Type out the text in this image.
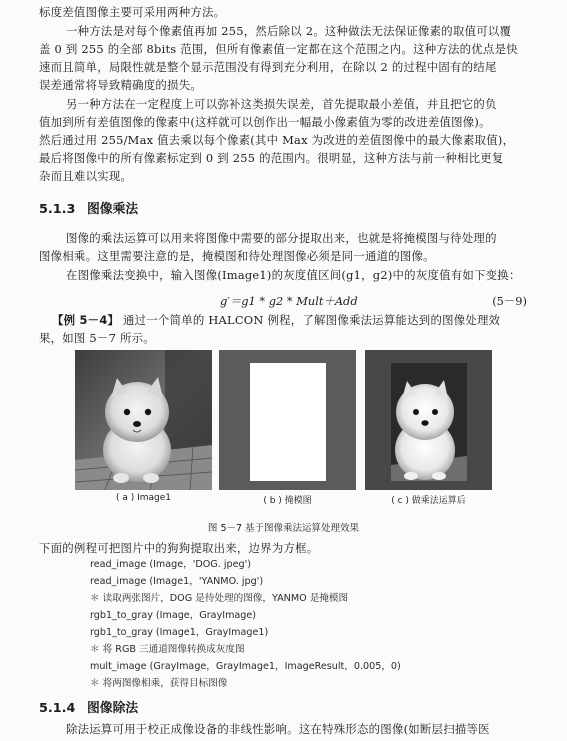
标度差值图像主要可采用两种方法。
一种方法是对每个像素值再加 255，然后除以 2。这种做法无法保证像素的取值可以覆
盖 0 到 255 的全部 8bits 范围，但所有像素值一定都在这个范围之内。这种方法的优点是快
速而且简单，局限性就是整个显示范围没有得到充分利用，在除以 2 的过程中固有的结尾
误差通常将导致精确度的损失。
另一种方法在一定程度上可以弥补这类损失误差，首先提取最小差值，并且把它的负
值加到所有差值图像的像素中(这样就可以创作出一幅最小像素值为零的改进差值图像)。
然后通过用 255/Max 值去乘以每个像素(其中 Max 为改进的差值图像中的最大像素取值)，
最后将图像中的所有像素标定到 0 到 255 的范围内。很明显，这种方法与前一种相比更复
杂而且难以实现。
5.1.3 图像乘法
图像的乘法运算可以用来将图像中需要的部分提取出来，也就是将掩模图与待处理的
图像相乘。这里需要注意的是，掩模图和待处理图像必须是同一通道的图像。
在图像乘法变换中，输入图像(Image1)的灰度值区间(g1，g2)中的灰度值有如下变换：
g′＝g1 * g2 * Mult＋Add	(5－9)
【例 5－4】 通过一个简单的 HALCON 例程，了解图像乘法运算能达到的图像处理效
果，如图 5－7 所示。
( a ) Image1	( b ) 掩模图	( c ) 做乘法运算后
图 5－7 基于图像乘法运算处理效果
下面的例程可把图片中的狗狗提取出来，边界为方框。
read_image (Image，'DOG. jpeg')
read_image (Image1，'YANMO. jpg')
＊ 读取两张图片，DOG 是待处理的图像，YANMO 是掩模图
rgb1_to_gray (Image，GrayImage)
rgb1_to_gray (Image1，GrayImage1)
＊ 将 RGB 三通道图像转换成灰度图
mult_image (GrayImage，GrayImage1，ImageResult，0.005，0)
＊ 将两图像相乘，获得目标图像
5.1.4 图像除法
除法运算可用于校正成像设备的非线性影响。这在特殊形态的图像(如断层扫描等医
